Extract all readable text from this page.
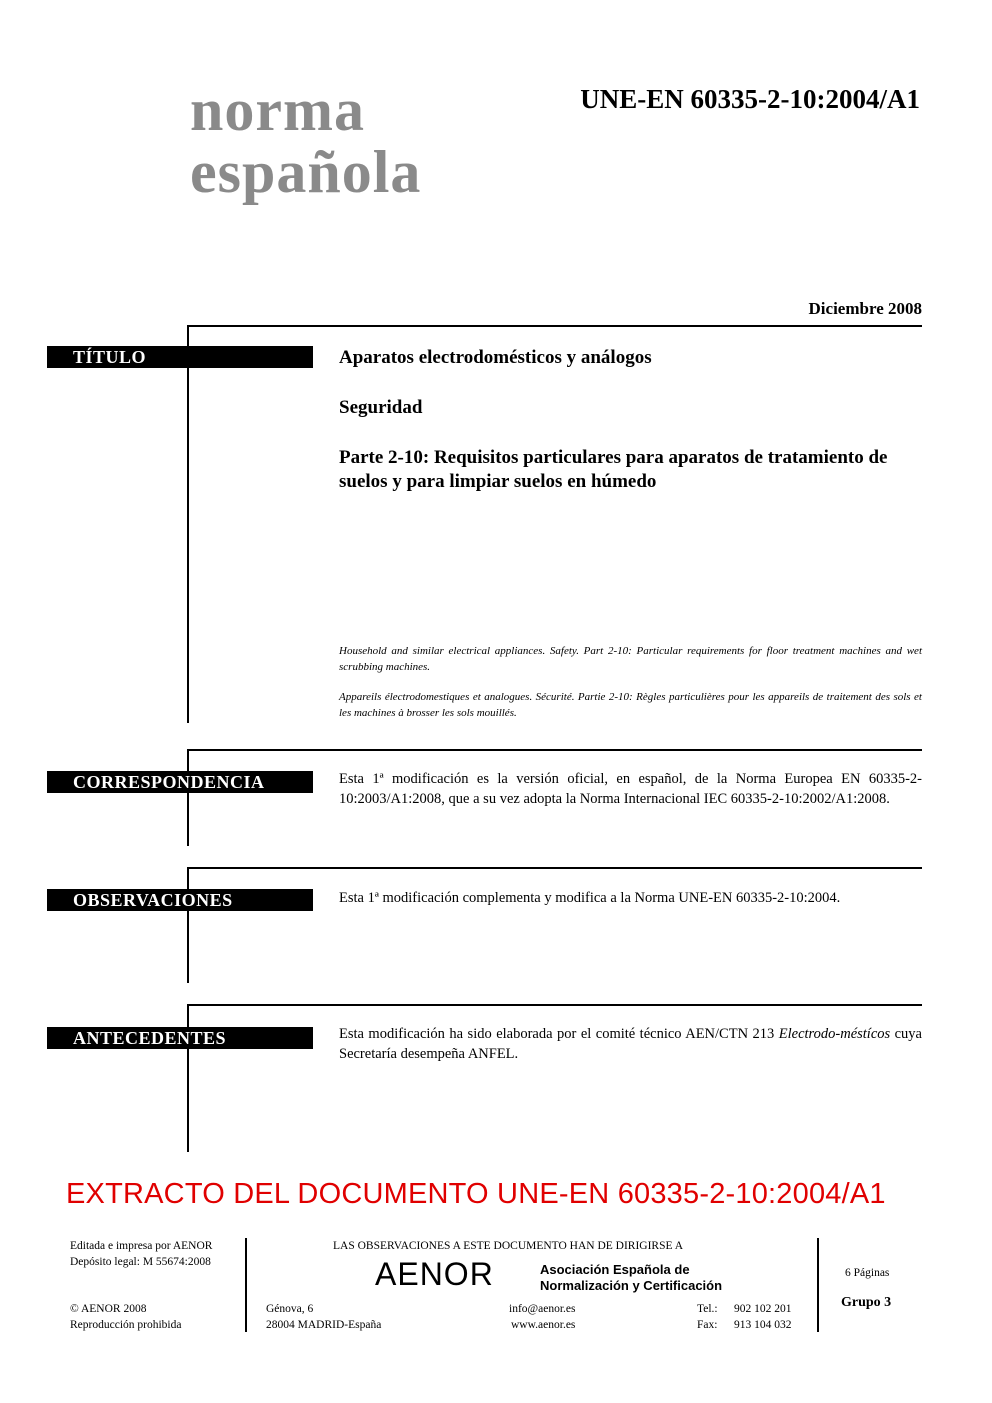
norma
española
UNE-EN 60335-2-10:2004/A1
Diciembre 2008
TÍTULO	Aparatos electrodomésticos y análogos
Seguridad
Parte 2-10: Requisitos particulares para aparatos de tratamiento de suelos y para limpiar suelos en húmedo
Household and similar electrical appliances. Safety. Part 2-10: Particular requirements for floor treatment machines and wet scrubbing machines.
Appareils électrodomestiques et analogues. Sécurité. Partie 2-10: Règles particulières pour les appareils de traitement des sols et les machines à brosser les sols mouillés.
CORRESPONDENCIA	Esta 1ª modificación es la versión oficial, en español, de la Norma Europea EN 60335-2-10:2003/A1:2008, que a su vez adopta la Norma Internacional IEC 60335-2-10:2002/A1:2008.
OBSERVACIONES	Esta 1ª modificación complementa y modifica a la Norma UNE-EN 60335-2-10:2004.
ANTECEDENTES	Esta modificación ha sido elaborada por el comité técnico AEN/CTN 213 Electrodo-méstícos cuya Secretaría desempeña ANFEL.
EXTRACTO DEL DOCUMENTO UNE-EN 60335-2-10:2004/A1
Editada e impresa por AENOR
Depósito legal: M 55674:2008
© AENOR 2008
Reproducción prohibida
LAS OBSERVACIONES A ESTE DOCUMENTO HAN DE DIRIGIRSE A
AENOR	Asociación Española de
Normalización y Certificación
Génova, 6
28004 MADRID-España
info@aenor.es
www.aenor.es
Tel.: 902 102 201
Fax: 913 104 032
6 Páginas
Grupo 3
